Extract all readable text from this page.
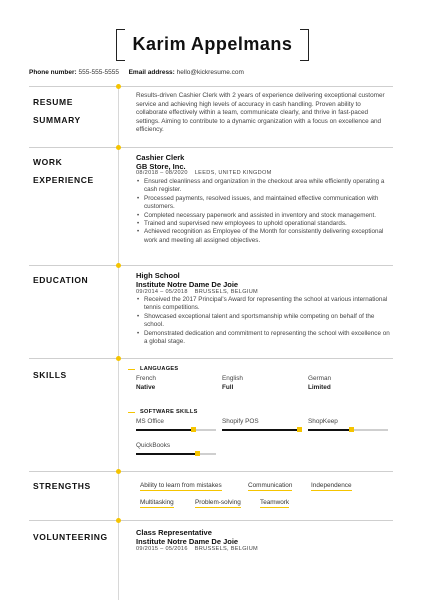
Karim Appelmans
Phone number: 555-555-5555 Email address: hello@kickresume.com
RESUME
SUMMARY
Results-driven Cashier Clerk with 2 years of experience delivering exceptional customer service and achieving high levels of accuracy in cash handling. Proven ability to collaborate effectively within a team, communicate clearly, and thrive in fast-paced settings. Aiming to contribute to a dynamic organization with a focus on excellence and efficiency.
WORK
EXPERIENCE
Cashier Clerk
GB Store, Inc.
08/2018 – 08/2020 LEEDS, UNITED KINGDOM
• Ensured cleanliness and organization in the checkout area while efficiently operating a cash register.
• Processed payments, resolved issues, and maintained effective communication with customers.
• Completed necessary paperwork and assisted in inventory and stock management.
• Trained and supervised new employees to uphold operational standards.
• Achieved recognition as Employee of the Month for consistently delivering exceptional work and meeting all assigned objectives.
EDUCATION	High School
Institute Notre Dame De Joie
09/2014 – 05/2018 BRUSSELS, BELGIUM
• Received the 2017 Principal's Award for representing the school at various international tennis competitions.
• Showcased exceptional talent and sportsmanship while competing on behalf of the school.
• Demonstrated dedication and commitment to representing the school with excellence on a global stage.
SKILLS
LANGUAGES
French
Native
English
Full
German
Limited
SOFTWARE SKILLS
MS Office	Shopify POS	ShopKeep
QuickBooks
STRENGTHS	Ability to learn from mistakes	Communication	Independence
Multitasking	Problem-solving	Teamwork
VOLUNTEERING	Class Representative
Institute Notre Dame De Joie
09/2015 – 05/2016 BRUSSELS, BELGIUM
